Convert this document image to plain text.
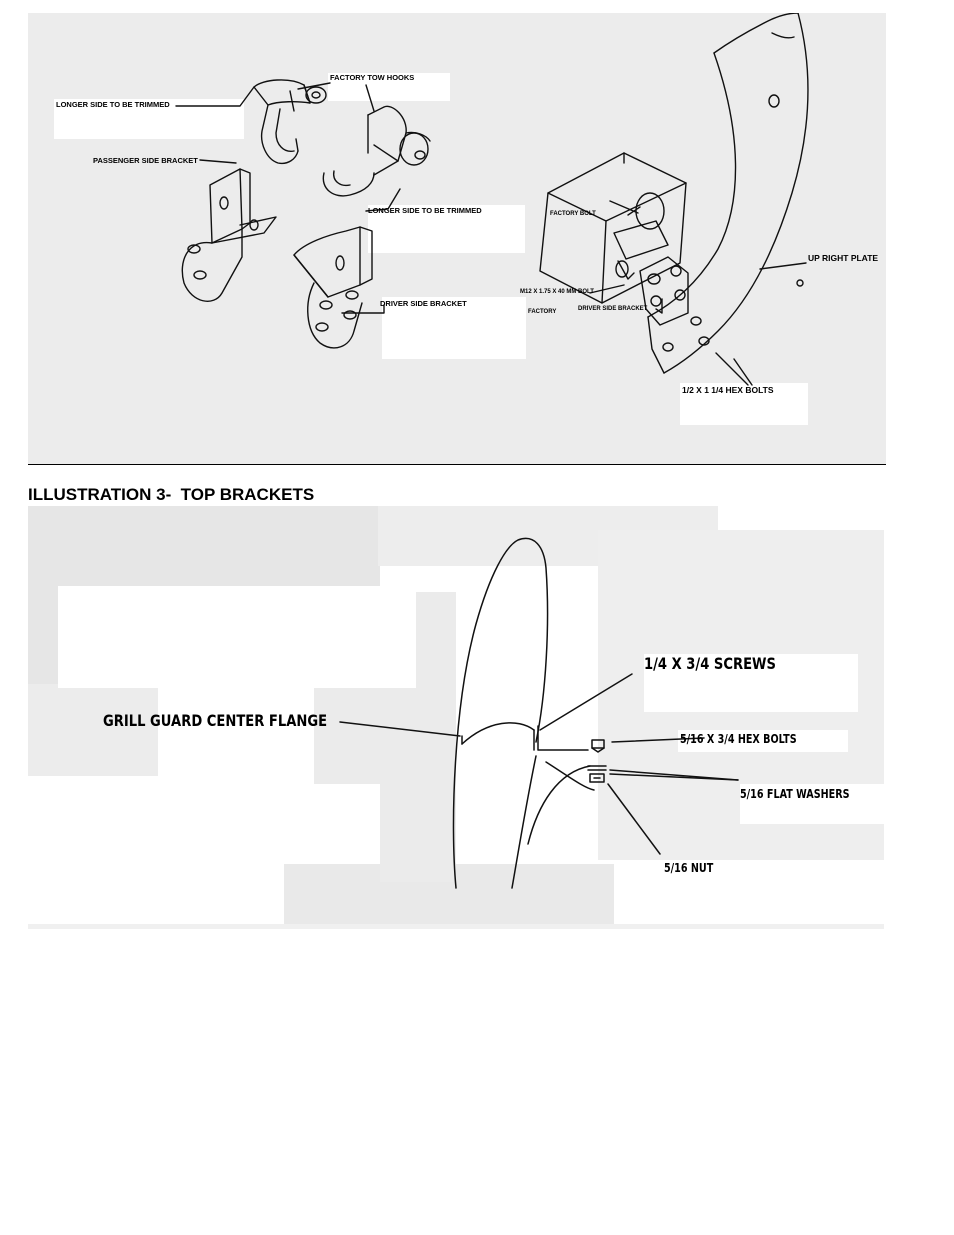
LONGER SIDE TO BE TRIMMED
FACTORY TOW HOOKS
PASSENGER SIDE BRACKET
LONGER SIDE TO BE TRIMMED
DRIVER SIDE BRACKET
FACTORY BOLT
M12 X 1.75 X 40 MM BOLT
FACTORY	DRIVER SIDE BRACKET
UP RIGHT PLATE
1/2 X 1 1/4 HEX BOLTS
ILLUSTRATION 3-  TOP BRACKETS
1/4 X 3/4 SCREWS
GRILL GUARD CENTER FLANGE
5/16 X 3/4 HEX BOLTS
5/16 FLAT WASHERS
5/16 NUT
